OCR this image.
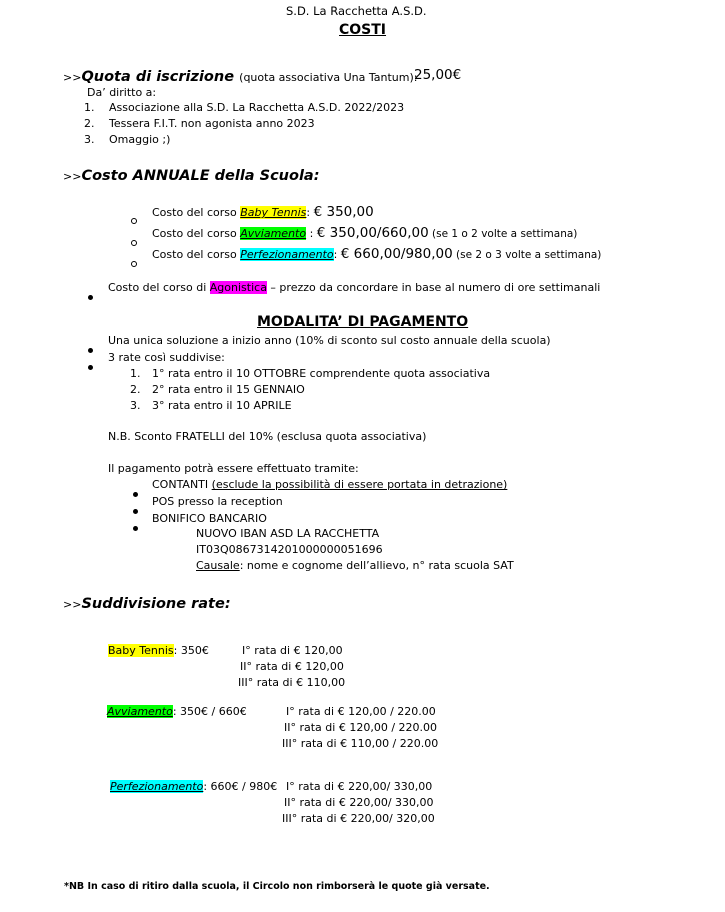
S.D. La Racchetta A.S.D.
COSTI
>>Quota di iscrizione (quota associativa Una Tantum):
25,00€
Da’ diritto a:
1. Associazione alla S.D. La Racchetta A.S.D. 2022/2023
2. Tessera F.I.T. non agonista anno 2023
3. Omaggio ;)
>>Costo ANNUALE della Scuola:
Costo del corso Baby Tennis: € 350,00
Costo del corso Avviamento : € 350,00/660,00 (se 1 o 2 volte a settimana)
Costo del corso Perfezionamento: € 660,00/980,00 (se 2 o 3 volte a settimana)
Costo del corso di Agonistica – prezzo da concordare in base al numero di ore settimanali
MODALITA’ DI PAGAMENTO
Una unica soluzione a inizio anno (10% di sconto sul costo annuale della scuola)
3 rate così suddivise:
1. 1° rata entro il 10 OTTOBRE comprendente quota associativa
2. 2° rata entro il 15 GENNAIO
3. 3° rata entro il 10 APRILE
N.B. Sconto FRATELLI del 10% (esclusa quota associativa)
Il pagamento potrà essere effettuato tramite:
CONTANTI (esclude la possibilità di essere portata in detrazione)
POS presso la reception
BONIFICO BANCARIO
NUOVO IBAN ASD LA RACCHETTA
IT03Q0867314201000000051696
Causale: nome e cognome dell’allievo, n° rata scuola SAT
>>Suddivisione rate:
Baby Tennis: 350€	I° rata di € 120,00
II° rata di € 120,00
III° rata di € 110,00
Avviamento: 350€ / 660€	I° rata di € 120,00 / 220.00
II° rata di € 120,00 / 220.00
III° rata di € 110,00 / 220.00
Perfezionamento: 660€ / 980€ I° rata di € 220,00/ 330,00
II° rata di € 220,00/ 330,00
III° rata di € 220,00/ 320,00
*NB In caso di ritiro dalla scuola, il Circolo non rimborserà le quote già versate.
